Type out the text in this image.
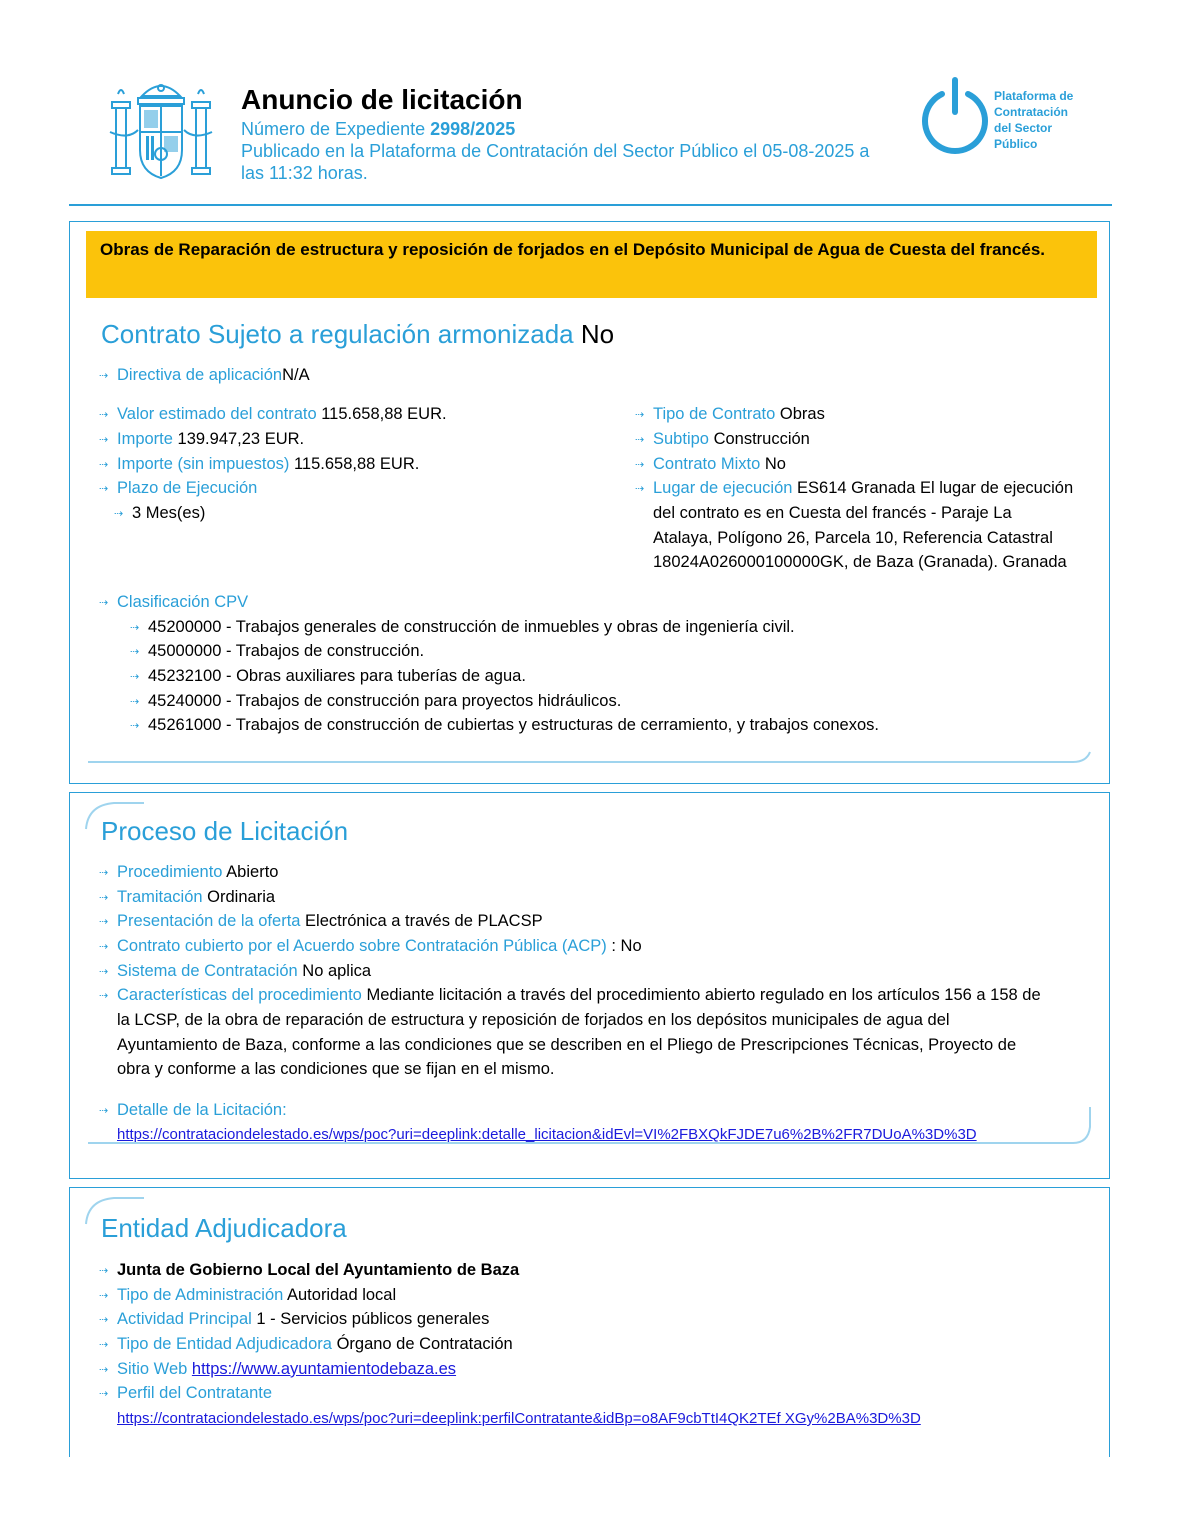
Anuncio de licitación
Número de Expediente 2998/2025
Publicado en la Plataforma de Contratación del Sector Público el 05-08-2025 a
las 11:32 horas.
Plataforma de
Contratación
del Sector
Público
Obras de Reparación de estructura y reposición de forjados en el Depósito Municipal de Agua de Cuesta del francés.
Contrato Sujeto a regulación armonizada No
⇢ Directiva de aplicaciónN/A
⇢ Valor estimado del contrato 115.658,88 EUR.
⇢ Importe 139.947,23 EUR.
⇢ Importe (sin impuestos) 115.658,88 EUR.
⇢ Plazo de Ejecución
⇢ 3 Mes(es)
⇢ Tipo de Contrato Obras
⇢ Subtipo Construcción
⇢ Contrato Mixto No
⇢ Lugar de ejecución ES614 Granada El lugar de ejecución
del contrato es en Cuesta del francés - Paraje La
Atalaya, Polígono 26, Parcela 10, Referencia Catastral
18024A026000100000GK, de Baza (Granada). Granada
⇢ Clasificación CPV
⇢ 45200000 - Trabajos generales de construcción de inmuebles y obras de ingeniería civil.
⇢ 45000000 - Trabajos de construcción.
⇢ 45232100 - Obras auxiliares para tuberías de agua.
⇢ 45240000 - Trabajos de construcción para proyectos hidráulicos.
⇢ 45261000 - Trabajos de construcción de cubiertas y estructuras de cerramiento, y trabajos conexos.
Proceso de Licitación
⇢ Procedimiento Abierto
⇢ Tramitación Ordinaria
⇢ Presentación de la oferta Electrónica a través de PLACSP
⇢ Contrato cubierto por el Acuerdo sobre Contratación Pública (ACP) : No
⇢ Sistema de Contratación No aplica
⇢ Características del procedimiento Mediante licitación a través del procedimiento abierto regulado en los artículos 156 a 158 de
la LCSP, de la obra de reparación de estructura y reposición de forjados en los depósitos municipales de agua del
Ayuntamiento de Baza, conforme a las condiciones que se describen en el Pliego de Prescripciones Técnicas, Proyecto de
obra y conforme a las condiciones que se fijan en el mismo.
⇢ Detalle de la Licitación:
https://contrataciondelestado.es/wps/poc?uri=deeplink:detalle_licitacion&idEvl=VI%2FBXQkFJDE7u6%2B%2FR7DUoA%3D%3D
Entidad Adjudicadora
⇢ Junta de Gobierno Local del Ayuntamiento de Baza
⇢ Tipo de Administración Autoridad local
⇢ Actividad Principal 1 - Servicios públicos generales
⇢ Tipo de Entidad Adjudicadora Órgano de Contratación
⇢ Sitio Web https://www.ayuntamientodebaza.es
⇢ Perfil del Contratante
https://contrataciondelestado.es/wps/poc?uri=deeplink:perfilContratante&idBp=o8AF9cbTtI4QK2TEf XGy%2BA%3D%3D
